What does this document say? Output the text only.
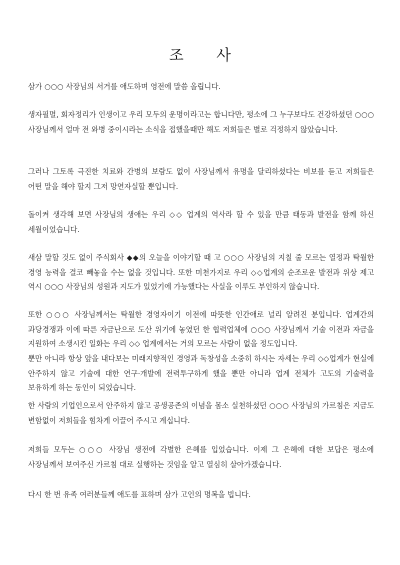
조 사

삼가 ○○○ 사장님의 서거를 애도하며 영전에 말씀 올립니다.

생자필멸, 회자정리가 인생이고 우리 모두의 운명이라고는 합니다만, 평소에 그 누구보다도 건강하셨던 ○○○사장님께서 얼마 전 와병 중이시라는 소식을 접했을때만 해도 저희들은 별로 걱정하지 않았습니다.

그러나 그토록 극진한 치료와 간병의 보람도 없이 사장님께서 유명을 달리하셨다는 비보를 듣고 저희들은 어떤 말을 해야 할지 그저 망연자실할 뿐입니다.

돌이켜 생각해 보면 사장님의 생애는 우리 ◇◇ 업계의 역사라 할 수 있을 만큼 태동과 발전을 함께 하신 세월이었습니다.

새삼 말할 것도 없이 주식회사 ◆◆의 오늘을 이야기할 때 고 ○○○ 사장님의 지칠 줄 모르는 열정과 탁월한 경영 능력을 결코 빼놓을 수는 없을 것입니다. 또한 미천가지로 우리 ◇◇업계의 순조로운 발전과 위상 제고 역시 ○○○ 사장님의 성원과 지도가 있었기에 가능했다는 사실을 이루도 부인하지 않습니다.

또한 ○○○ 사장님께서는 탁월한 경영자이기 이전에 따뜻한 인간애로 널리 알려진 분입니다. 업계간의 과당경쟁과 이에 따른 자금난으로 도산 위기에 놓였던 한 협력업체에 ○○○ 사장님께서 기술 이전과 자금을 지원하여 소생시킨 일화는 우리 ◇◇ 업계에서는 거의 모르는 사람이 없을 정도입니다.

뿐만 아니라 항상 앞을 내다보는 미래지향적인 경영과 독창성을 소중히 하시는 자세는 우리 ◇◇업계가 현실에 안주하지 않고 기술에 대한 연구·개발에 전력투구하게 했을 뿐만 아니라 업계 전체가 고도의 기술력을 보유하게 하는 동인이 되었습니다.

한 사람의 기업인으로서 안주하지 않고 공생공존의 이념을 몸소 실천하셨던 ○○○ 사장님의 가르침은 지금도 변함없이 저희들을 힘차게 이끌어 주시고 계십니다.

저희들 모두는 ○○○ 사장님 생전에 각별한 은혜를 입었습니다. 이제 그 은혜에 대한 보답은 평소에 사장님께서 보여주신 가르침 대로 실행하는 것임을 알고 열심히 살아가겠습니다.

다시 한 번 유족 여러분들께 애도를 표하며 삼가 고인의 명복을 빕니다.
